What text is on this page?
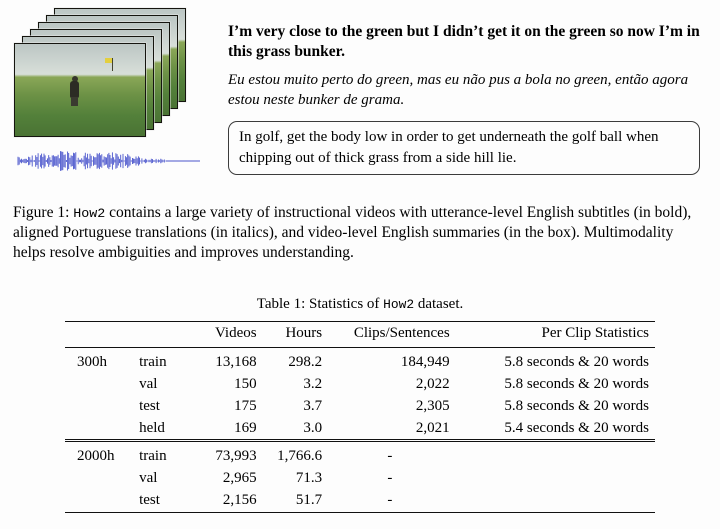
I’m very close to the green but I didn’t get it on the green so now I’m in this grass bunker.

Eu estou muito perto do green, mas eu não pus a bola no green, então agora estou neste bunker de grama.

In golf, get the body low in order to get underneath the golf ball when chipping out of thick grass from a side hill lie.

Figure 1: How2 contains a large variety of instructional videos with utterance-level English subtitles (in bold), aligned Portuguese translations (in italics), and video-level English summaries (in the box). Multimodality helps resolve ambiguities and improves understanding.

Table 1: Statistics of How2 dataset.

		Videos	Hours	Clips/Sentences	Per Clip Statistics
300h	train	13,168	298.2	184,949	5.8 seconds & 20 words
	val	150	3.2	2,022	5.8 seconds & 20 words
	test	175	3.7	2,305	5.8 seconds & 20 words
	held	169	3.0	2,021	5.4 seconds & 20 words
2000h	train	73,993	1,766.6	-	
	val	2,965	71.3	-	
	test	2,156	51.7	-	
